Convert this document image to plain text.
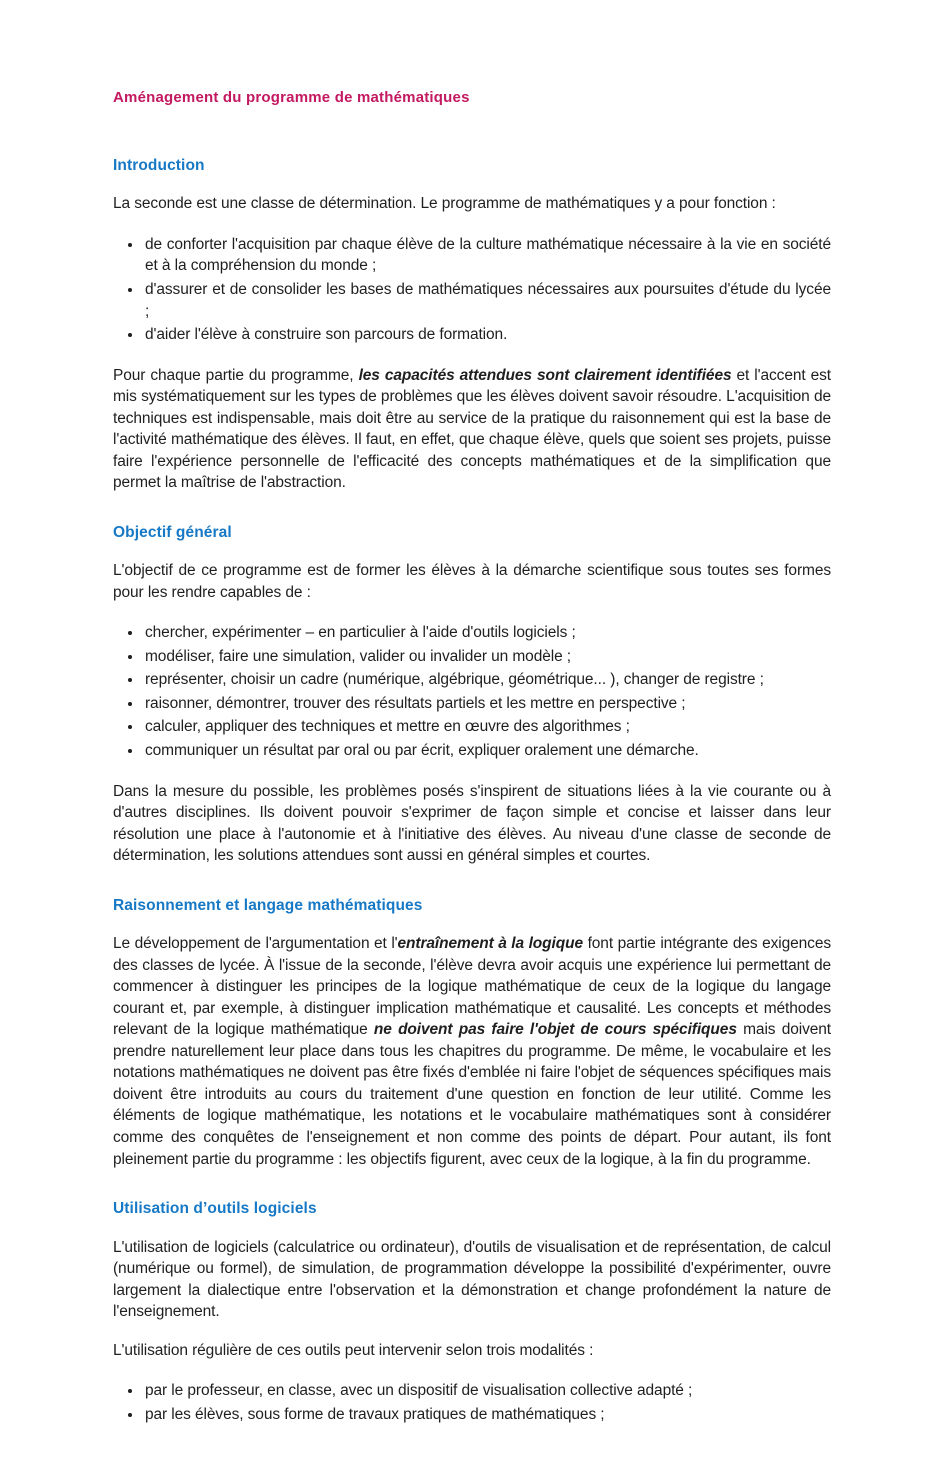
Aménagement du programme de mathématiques
Introduction

La seconde est une classe de détermination. Le programme de mathématiques y a pour fonction :

• de conforter l'acquisition par chaque élève de la culture mathématique nécessaire à la vie en société et à la compréhension du monde ;
• d'assurer et de consolider les bases de mathématiques nécessaires aux poursuites d'étude du lycée ;
• d'aider l'élève à construire son parcours de formation.

Pour chaque partie du programme, les capacités attendues sont clairement identifiées et l'accent est mis systématiquement sur les types de problèmes que les élèves doivent savoir résoudre. L'acquisition de techniques est indispensable, mais doit être au service de la pratique du raisonnement qui est la base de l'activité mathématique des élèves. Il faut, en effet, que chaque élève, quels que soient ses projets, puisse faire l'expérience personnelle de l'efficacité des concepts mathématiques et de la simplification que permet la maîtrise de l'abstraction.

Objectif général

L'objectif de ce programme est de former les élèves à la démarche scientifique sous toutes ses formes pour les rendre capables de :

• chercher, expérimenter – en particulier à l'aide d'outils logiciels ;
• modéliser, faire une simulation, valider ou invalider un modèle ;
• représenter, choisir un cadre (numérique, algébrique, géométrique... ), changer de registre ;
• raisonner, démontrer, trouver des résultats partiels et les mettre en perspective ;
• calculer, appliquer des techniques et mettre en œuvre des algorithmes ;
• communiquer un résultat par oral ou par écrit, expliquer oralement une démarche.

Dans la mesure du possible, les problèmes posés s'inspirent de situations liées à la vie courante ou à d'autres disciplines. Ils doivent pouvoir s'exprimer de façon simple et concise et laisser dans leur résolution une place à l'autonomie et à l'initiative des élèves. Au niveau d'une classe de seconde de détermination, les solutions attendues sont aussi en général simples et courtes.

Raisonnement et langage mathématiques

Le développement de l'argumentation et l'entraînement à la logique font partie intégrante des exigences des classes de lycée. À l'issue de la seconde, l'élève devra avoir acquis une expérience lui permettant de commencer à distinguer les principes de la logique mathématique de ceux de la logique du langage courant et, par exemple, à distinguer implication mathématique et causalité. Les concepts et méthodes relevant de la logique mathématique ne doivent pas faire l'objet de cours spécifiques mais doivent prendre naturellement leur place dans tous les chapitres du programme. De même, le vocabulaire et les notations mathématiques ne doivent pas être fixés d'emblée ni faire l'objet de séquences spécifiques mais doivent être introduits au cours du traitement d'une question en fonction de leur utilité. Comme les éléments de logique mathématique, les notations et le vocabulaire mathématiques sont à considérer comme des conquêtes de l'enseignement et non comme des points de départ. Pour autant, ils font pleinement partie du programme : les objectifs figurent, avec ceux de la logique, à la fin du programme.

Utilisation d’outils logiciels

L'utilisation de logiciels (calculatrice ou ordinateur), d'outils de visualisation et de représentation, de calcul (numérique ou formel), de simulation, de programmation développe la possibilité d'expérimenter, ouvre largement la dialectique entre l'observation et la démonstration et change profondément la nature de l'enseignement.

L'utilisation régulière de ces outils peut intervenir selon trois modalités :

• par le professeur, en classe, avec un dispositif de visualisation collective adapté ;
• par les élèves, sous forme de travaux pratiques de mathématiques ;
